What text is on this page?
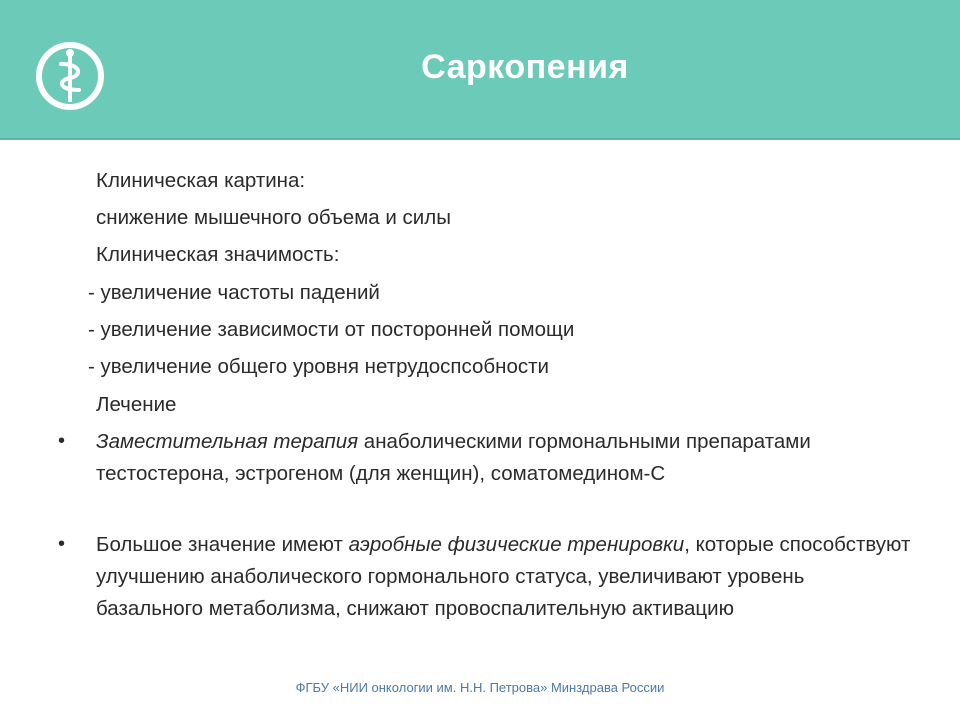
Саркопения
Клиническая картина:
снижение мышечного объема и силы
Клиническая значимость:
- увеличение частоты падений
- увеличение зависимости от посторонней помощи
- увеличение общего уровня нетрудоспсобности
Лечение
• Заместительная терапия анаболическими гормональными препаратами тестостерона, эстрогеном (для женщин), соматомедином-С
• Большое значение имеют аэробные физические тренировки, которые способствуют улучшению анаболического гормонального статуса, увеличивают уровень базального метаболизма, снижают провоспалительную активацию
ФГБУ «НИИ онкологии им. Н.Н. Петрова» Минздрава России
